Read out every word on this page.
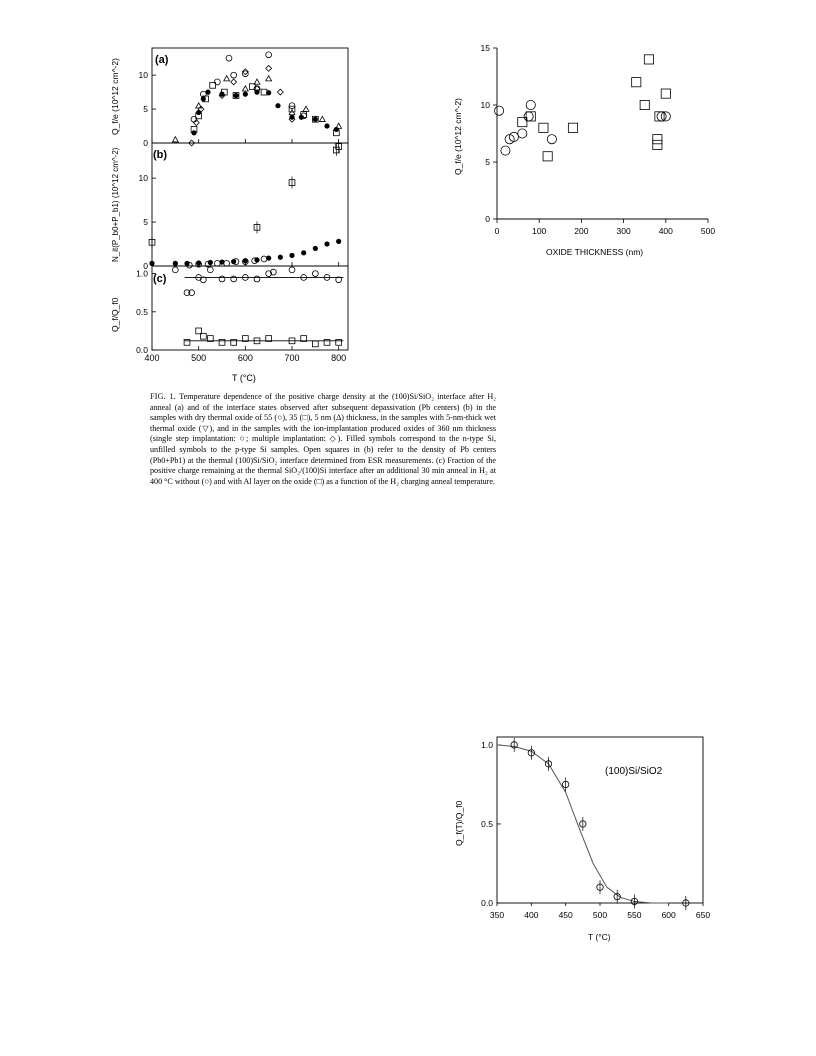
0
5
10
0
5
10
0.0
0.5
1.0
400	500	600	700	800
(a)
(b)
(c)
T (°C)
Q_f/e (10^12 cm^-2)
N_it(P_b0+P_b1) (10^12 cm^-2)
Q_f/Q_f0
FIG. 1. Temperature dependence of the positive charge density at the (100)Si/SiO₂ interface after H₂ anneal (a) and of the interface states observed after subsequent depassivation (Pb centers) (b) in the samples with dry thermal oxide of 55 (○), 35 (□), 5 nm (Δ) thickness, in the samples with 5-nm-thick wet thermal oxide (▽), and in the samples with the ion-implantation produced oxides of 360 nm thickness (single step implantation: ○; multiple implantation: ◇). Filled symbols correspond to the n-type Si, unfilled symbols to the p-type Si samples. Open squares in (b) refer to the density of Pb centers (Pb0+Pb1) at the thermal (100)Si/SiO₂ interface determined from ESR measurements. (c) Fraction of the positive charge remaining at the thermal SiO₂/(100)Si interface after an additional 30 min anneal in H₂ at 400 °C without (○) and with Al layer on the oxide (□) as a function of the H₂ charging anneal temperature.
0
5
10
15
0	100	200	300	400	500
OXIDE THICKNESS (nm)
Q_f/e (10^12 cm^-2)
0.0
0.5
1.0
350 400 450 500 550 600 650
(100)Si/SiO2
T (°C)
Q_f(T)/Q_f0
